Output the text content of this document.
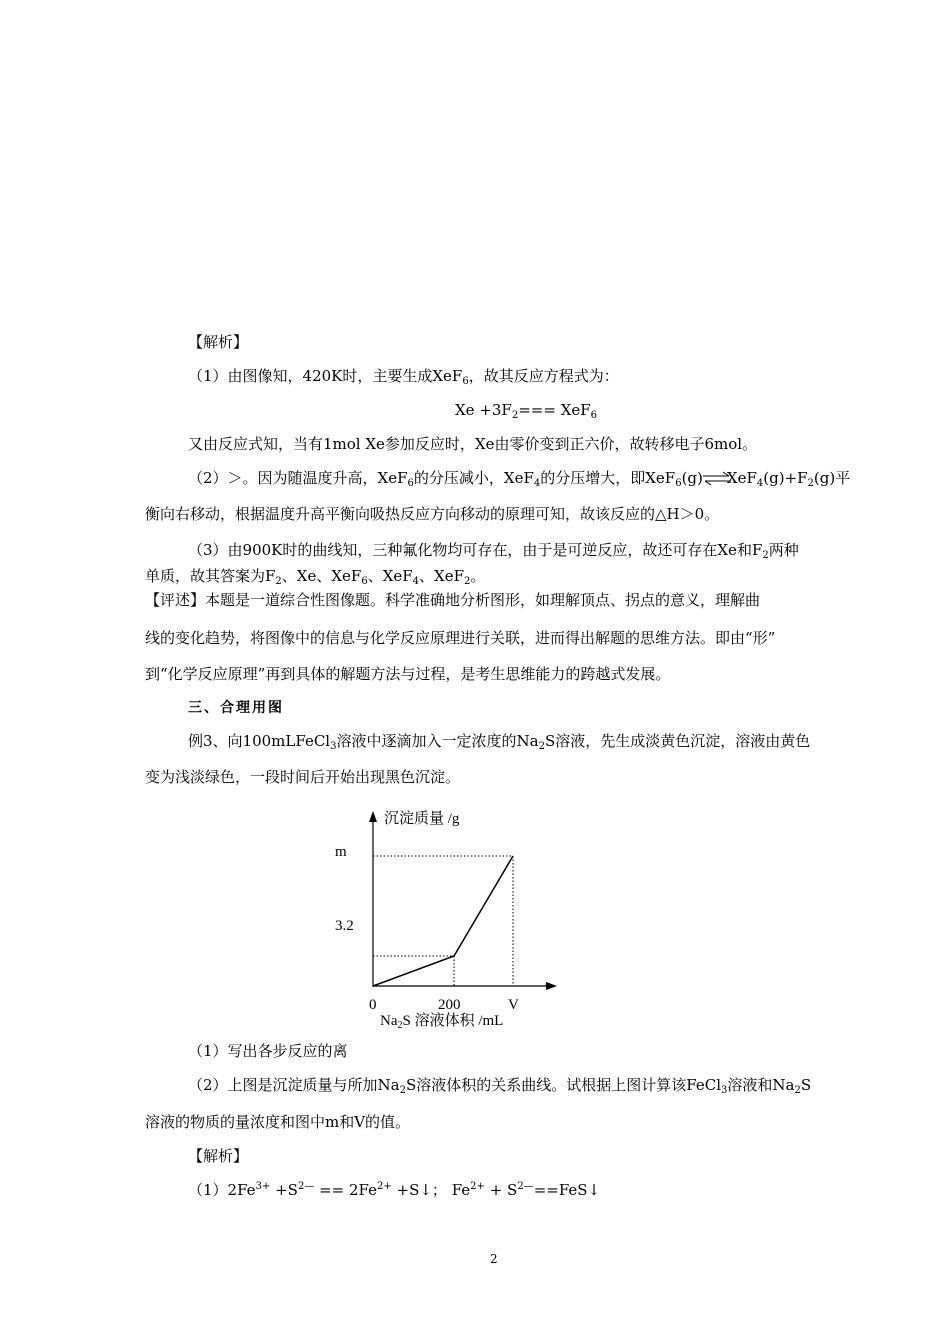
【解析】
（1）由图像知，420K时，主要生成XeF$_6$，故其反应方程式为：
$Xe +3F_2=== XeF_6$
又由反应式知，当有1mol Xe参加反应时，Xe由零价变到正六价，故转移电子6mol。
（2）＞。因为随温度升高，XeF$_6$的分压减小，XeF$_4$的分压增大，即XeF$_6$(g) $XeF_4(g)+F_2(g)$平
衡向右移动，根据温度升高平衡向吸热反应方向移动的原理可知，故该反应的△H＞0。
（3）由900K时的曲线知，三种氟化物均可存在，由于是可逆反应，故还可存在Xe和$F_2$两种
单质，故其答案为$F_2$、Xe、XeF$_6$、XeF$_4$、XeF$_2$。
【评述】本题是一道综合性图像题。科学准确地分析图形，如理解顶点、拐点的意义，理解曲
线的变化趋势，将图像中的信息与化学反应原理进行关联，进而得出解题的思维方法。即由“形”
到“化学反应原理”再到具体的解题方法与过程，是考生思维能力的跨越式发展。
三、合理用图
例3、向100mLFeCl$_3$溶液中逐滴加入一定浓度的$Na_2S$溶液，先生成淡黄色沉淀，溶液由黄色
变为浅淡绿色，一段时间后开始出现黑色沉淀。
沉淀质量 /g
0	200	V
3.2
m
$Na_2S$ 溶液体积 /mL
（1）写出各步反应的离
（2）上图是沉淀质量与所加$Na_2S$溶液体积的关系曲线。试根据上图计算该FeCl$_3$溶液和$Na_2S$
溶液的物质的量浓度和图中m和V的值。
【解析】
$(1)2Fe^{3+} +S^{2—} == 2Fe^{2+}$ +S↓； $Fe^{2+}$ + $S^{2—}==FeS↓$
2
